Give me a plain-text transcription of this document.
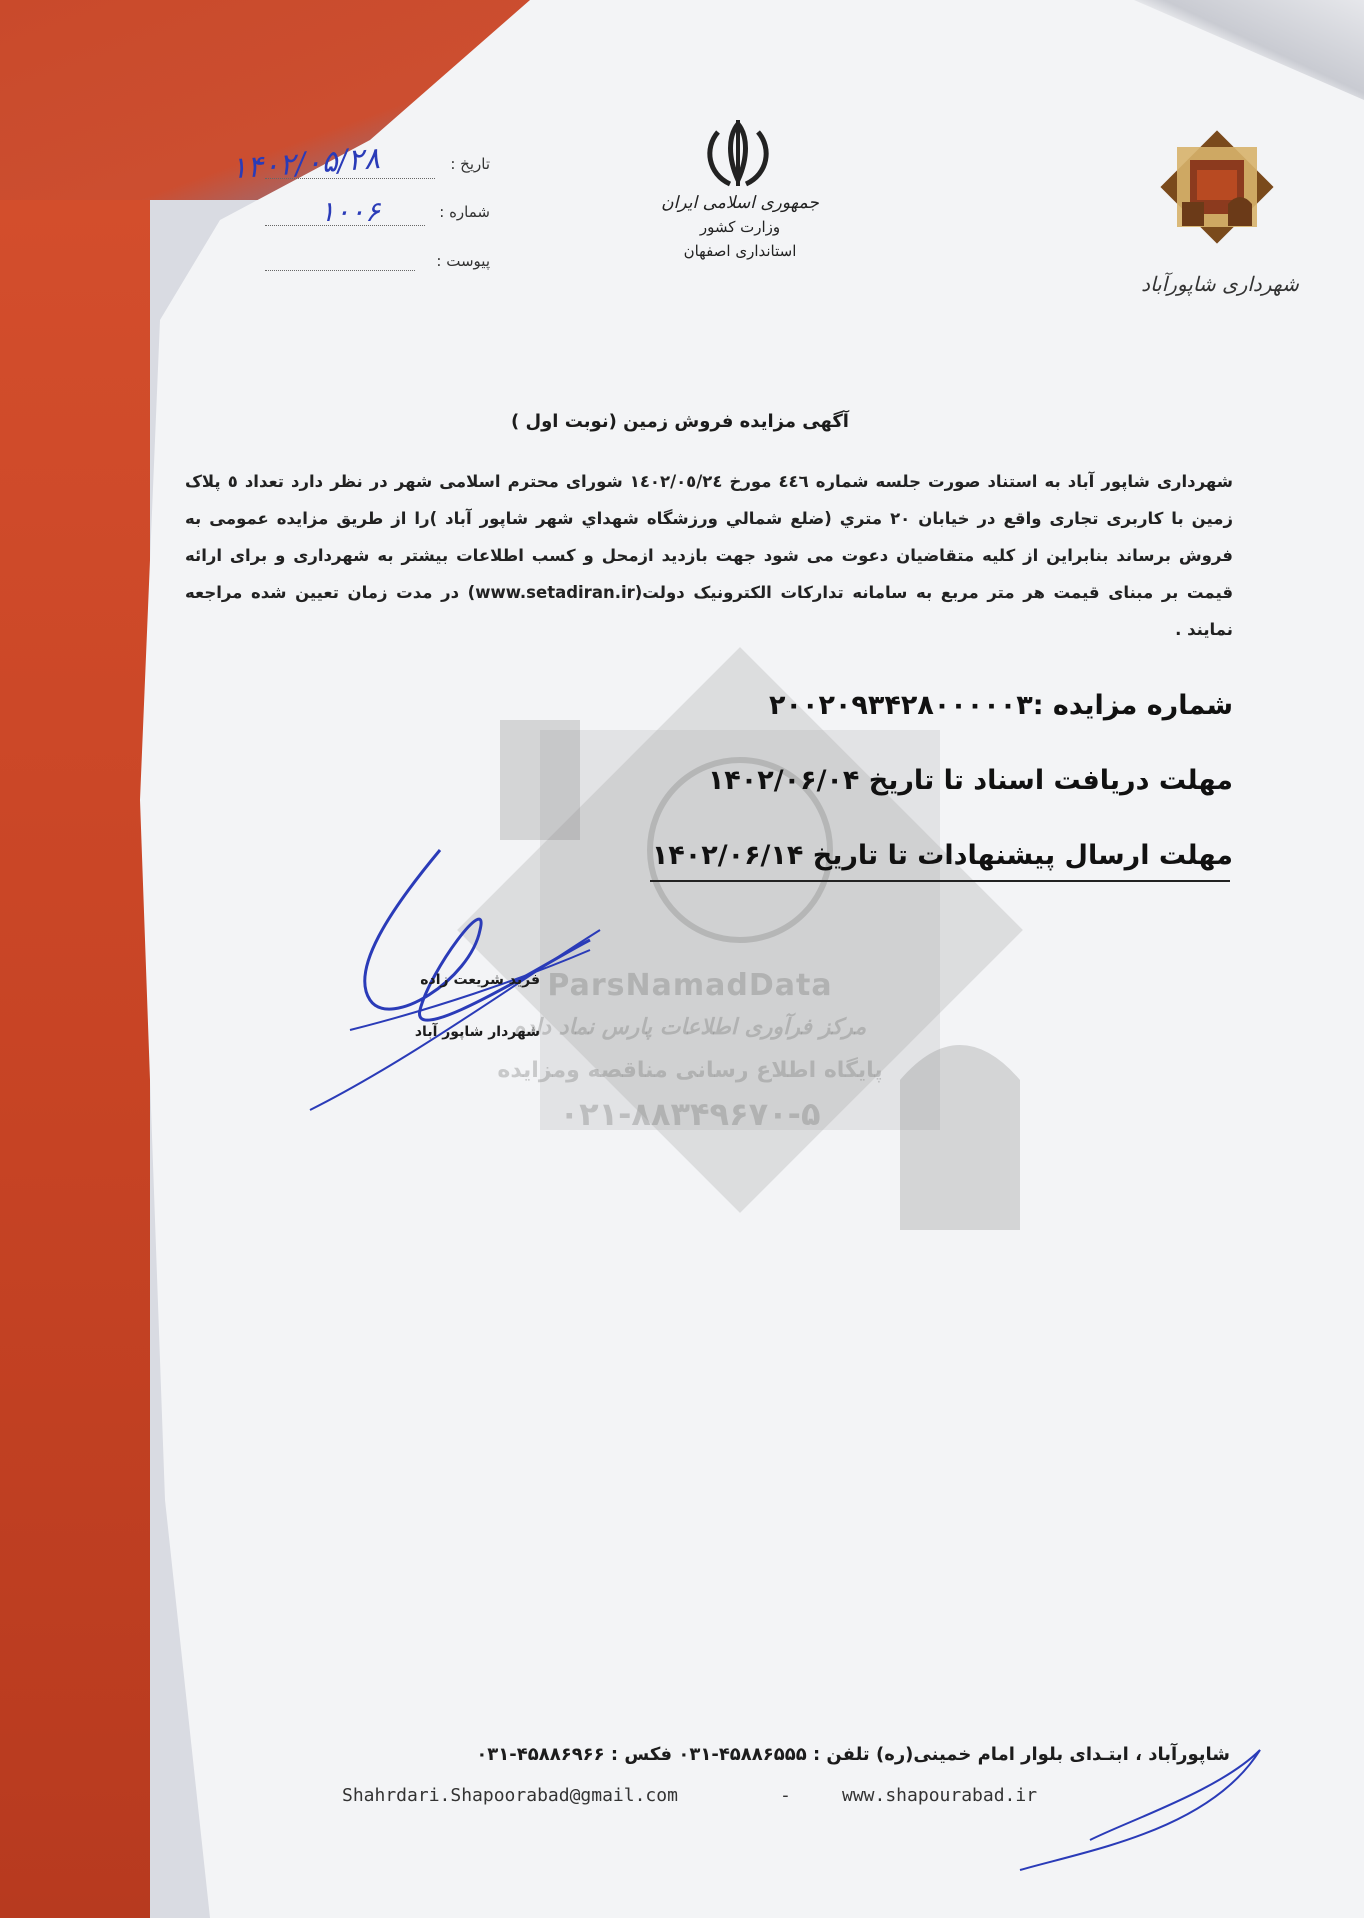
تاریخ :
۱۴۰۲/۰۵/۲۸
شماره :
۱۰۰۶
پیوست :
جمهوری اسلامی ایران
وزارت کشور
استانداری اصفهان
شهرداری شاپورآباد
ParsNamadData
مرکز فرآوری اطلاعات پارس نماد داده
پایگاه اطلاع رسانی مناقصه ومزایده
۰۲۱-۸۸۳۴۹۶۷۰-۵
آگهی مزایده فروش زمین (نوبت اول )
شهرداری شاپور آباد به استناد صورت جلسه شماره ٤٤٦ مورخ ١٤٠٢/٠٥/٢٤ شورای محترم اسلامی شهر در نظر دارد تعداد ٥ پلاک زمین با کاربری تجاری واقع در خیابان ٢٠ متري (ضلع شمالي ورزشگاه شهداي شهر شاپور آباد )را از طریق مزایده عمومی به فروش برساند بنابراین از کلیه متقاضیان دعوت می شود جهت بازدید ازمحل و کسب اطلاعات بیشتر به شهرداری و برای ارائه قیمت بر مبنای قیمت هر متر مربع به سامانه تدارکات الکترونیک دولت(www.setadiran.ir) در مدت زمان تعیین شده مراجعه نمایند .
شماره مزایده :۲۰۰۲۰۹۳۴۲۸۰۰۰۰۰۳
مهلت دریافت اسناد تا تاریخ ۱۴۰۲/۰۶/۰۴
مهلت ارسال پیشنهادات تا تاریخ ۱۴۰۲/۰۶/۱۴
فرید شریعت زاده
شهردار شاپور آباد
شاپورآباد ، ابتـدای بلوار امام خمینی(ره) تلفن : ۴۵۸۸۶۵۵۵-۰۳۱ فکس : ۴۵۸۸۶۹۶۶-۰۳۱
Shahrdari.Shapoorabad@gmail.com	-	www.shapourabad.ir
